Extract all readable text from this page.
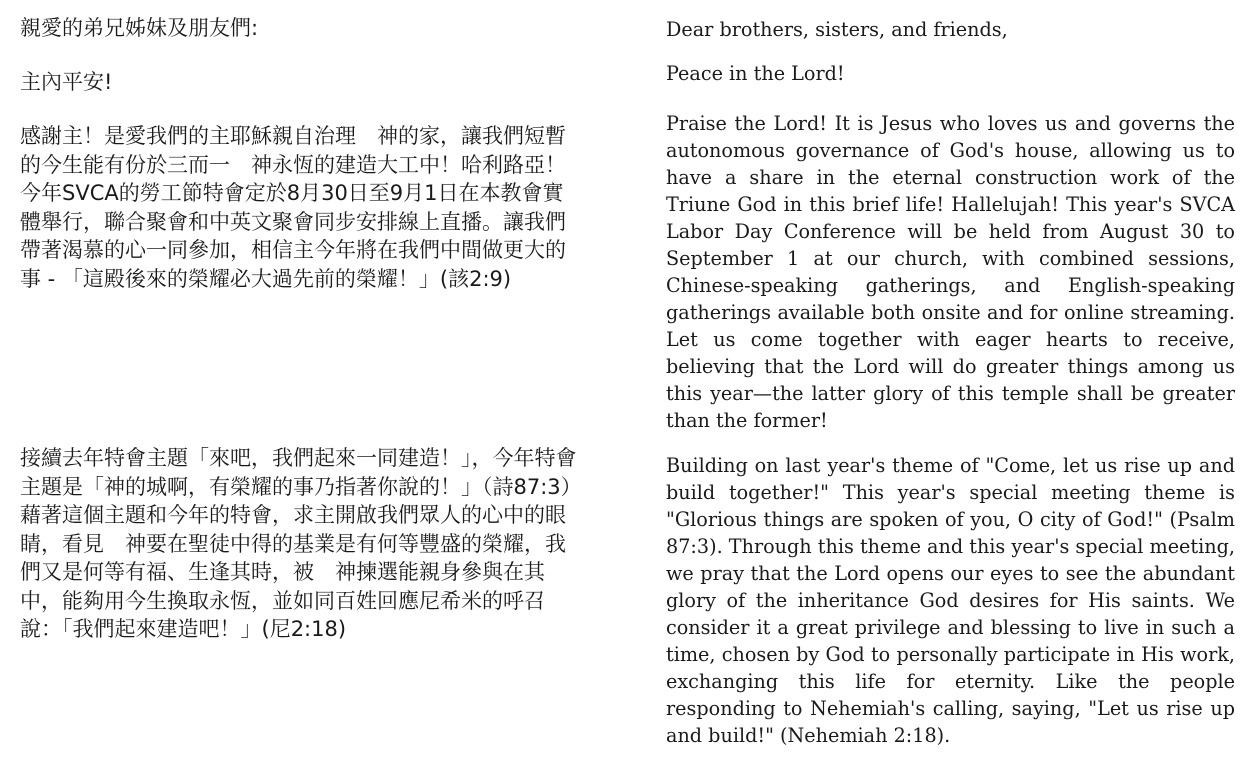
親愛的弟兄姊妹及朋友們:

主內平安!

感謝主！是愛我們的主耶穌親自治理　神的家，讓我們短暫的今生能有份於三而一　神永恆的建造大工中！哈利路亞！今年SVCA的勞工節特會定於8月30日至9月1日在本教會實體舉行，聯合聚會和中英文聚會同步安排線上直播。讓我們帶著渴慕的心一同參加，相信主今年將在我們中間做更大的事 - 「這殿後來的榮耀必大過先前的榮耀！」(該2:9)

接續去年特會主題「來吧，我們起來一同建造！」，今年特會主題是「神的城啊，有榮耀的事乃指著你說的！」（詩87:3）藉著這個主題和今年的特會，求主開啟我們眾人的心中的眼睛，看見　神要在聖徒中得的基業是有何等豐盛的榮耀，我們又是何等有福、生逢其時，被　神揀選能親身參與在其中，能夠用今生換取永恆，並如同百姓回應尼希米的呼召說：「我們起來建造吧！」(尼2:18)

Dear brothers, sisters, and friends,

Peace in the Lord!

Praise the Lord! It is Jesus who loves us and governs the autonomous governance of God's house, allowing us to have a share in the eternal construction work of the Triune God in this brief life! Hallelujah! This year's SVCA Labor Day Conference will be held from August 30 to September 1 at our church, with combined sessions, Chinese-speaking gatherings, and English-speaking gatherings available both onsite and for online streaming. Let us come together with eager hearts to receive, believing that the Lord will do greater things among us this year—the latter glory of this temple shall be greater than the former!

Building on last year's theme of "Come, let us rise up and build together!" This year's special meeting theme is "Glorious things are spoken of you, O city of God!" (Psalm 87:3). Through this theme and this year's special meeting, we pray that the Lord opens our eyes to see the abundant glory of the inheritance God desires for His saints. We consider it a great privilege and blessing to live in such a time, chosen by God to personally participate in His work, exchanging this life for eternity. Like the people responding to Nehemiah's calling, saying, "Let us rise up and build!" (Nehemiah 2:18).
